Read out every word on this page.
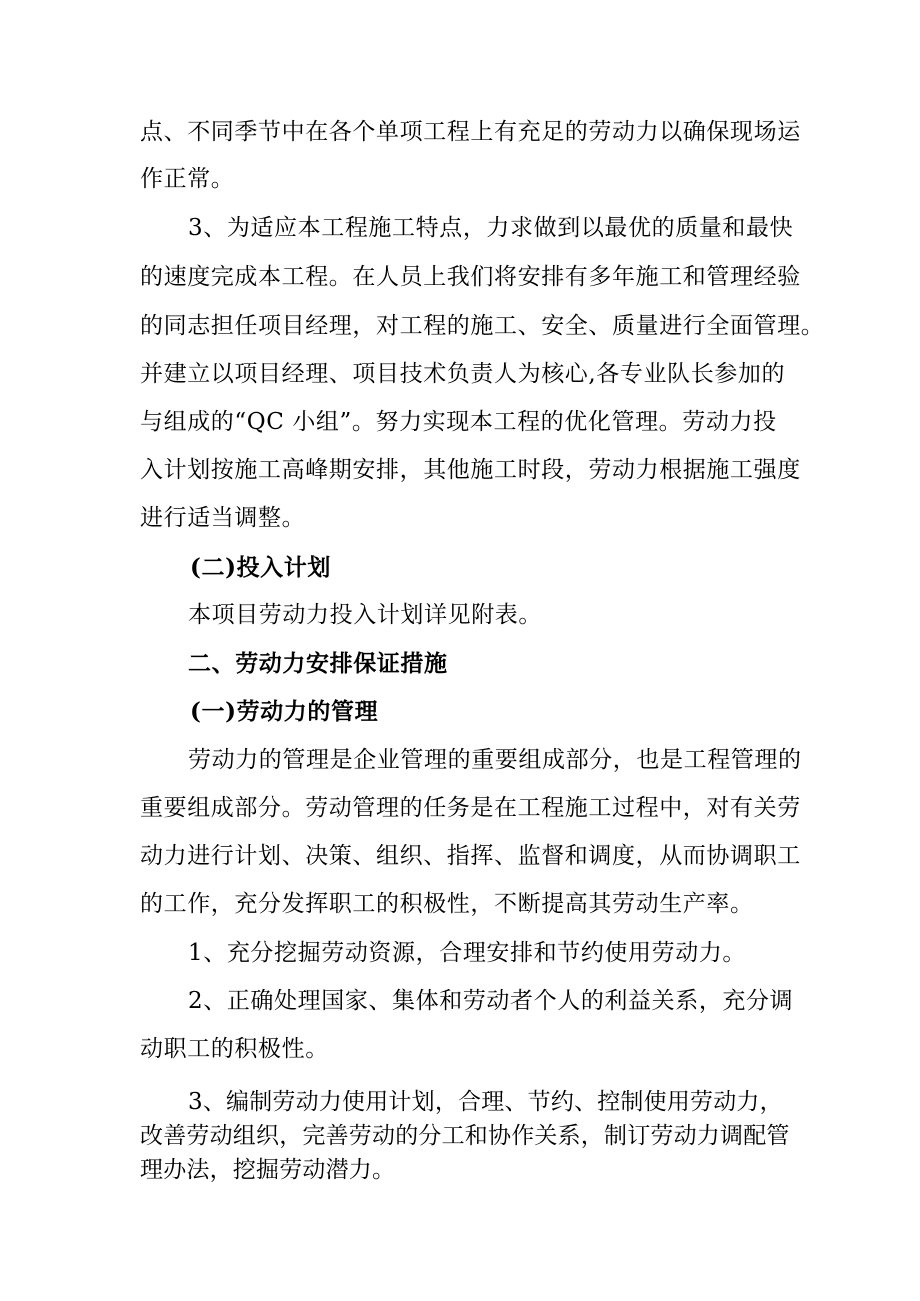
点、不同季节中在各个单项工程上有充足的劳动力以确保现场运
作正常。
3、为适应本工程施工特点，力求做到以最优的质量和最快
的速度完成本工程。在人员上我们将安排有多年施工和管理经验
的同志担任项目经理，对工程的施工、安全、质量进行全面管理。
并建立以项目经理、项目技术负责人为核心,各专业队长参加的
与组成的“QC 小组”。努力实现本工程的优化管理。劳动力投
入计划按施工高峰期安排，其他施工时段，劳动力根据施工强度
进行适当调整。
(二)投入计划
本项目劳动力投入计划详见附表。
二、劳动力安排保证措施
(一)劳动力的管理
劳动力的管理是企业管理的重要组成部分，也是工程管理的
重要组成部分。劳动管理的任务是在工程施工过程中，对有关劳
动力进行计划、决策、组织、指挥、监督和调度，从而协调职工
的工作，充分发挥职工的积极性，不断提高其劳动生产率。
1、充分挖掘劳动资源，合理安排和节约使用劳动力。
2、正确处理国家、集体和劳动者个人的利益关系，充分调
动职工的积极性。
3、编制劳动力使用计划，合理、节约、控制使用劳动力，
改善劳动组织，完善劳动的分工和协作关系，制订劳动力调配管
理办法，挖掘劳动潜力。
